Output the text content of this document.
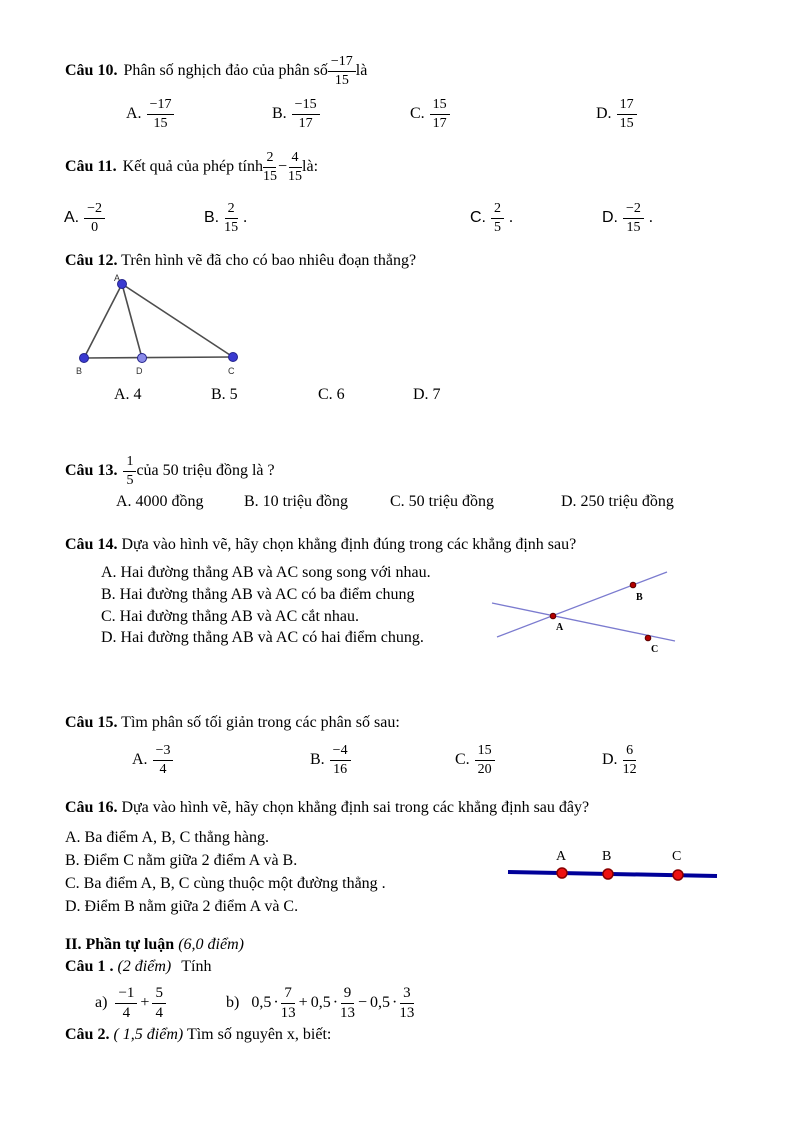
Câu 10. Phân số nghịch đảo của phân số $\frac{-17}{15}$ là
A. $\frac{-17}{15}$	B. $\frac{-15}{17}$	C. $\frac{15}{17}$	D. $\frac{17}{15}$
Câu 11. Kết quả của phép tính $\frac{2}{15} - \frac{4}{15}$ là:
A. $\frac{-2}{0}$	B. $\frac{2}{15}$ .	C. $\frac{2}{5}$ .	D. $\frac{-2}{15}$ .
Câu 12. Trên hình vẽ đã cho có bao nhiêu đoạn thẳng?
A
B	D	C
A. 4	B. 5	C. 6	D. 7
Câu 13. $\frac{1}{5}$ của 50 triệu đồng là ?
A. 4000 đồng	B. 10 triệu đồng	C. 50 triệu đồng	D. 250 triệu đồng
Câu 14. Dựa vào hình vẽ, hãy chọn khẳng định đúng trong các khẳng định sau?

A. Hai đường thẳng AB và AC song song với nhau.

B. Hai đường thẳng AB và AC có ba điểm chung

C. Hai đường thẳng AB và AC cắt nhau.

D. Hai đường thẳng AB và AC có hai điểm chung.

A
B
C
Câu 15. Tìm phân số tối giản trong các phân số sau:
A. $\frac{-3}{4}$	B. $\frac{-4}{16}$	C. $\frac{15}{20}$	D. $\frac{6}{12}$
Câu 16. Dựa vào hình vẽ, hãy chọn khẳng định sai trong các khẳng định sau đây?
A. Ba điểm A, B, C thẳng hàng.
B. Điểm C nằm giữa 2 điểm A và B.
C. Ba điểm A, B, C cùng thuộc một đường thẳng .
D. Điểm B nằm giữa 2 điểm A và C.
A	B	C
II. Phần tự luận (6,0 điểm)
Câu 1 . (2 điểm) Tính
$a) \frac{-1}{4} + \frac{5}{4}$	b) $0,5 \cdot \frac{7}{13} + 0,5 \cdot \frac{9}{13} - 0,5 \cdot \frac{3}{13}$
Câu 2. ( 1,5 điểm) Tìm số nguyên x, biết:
